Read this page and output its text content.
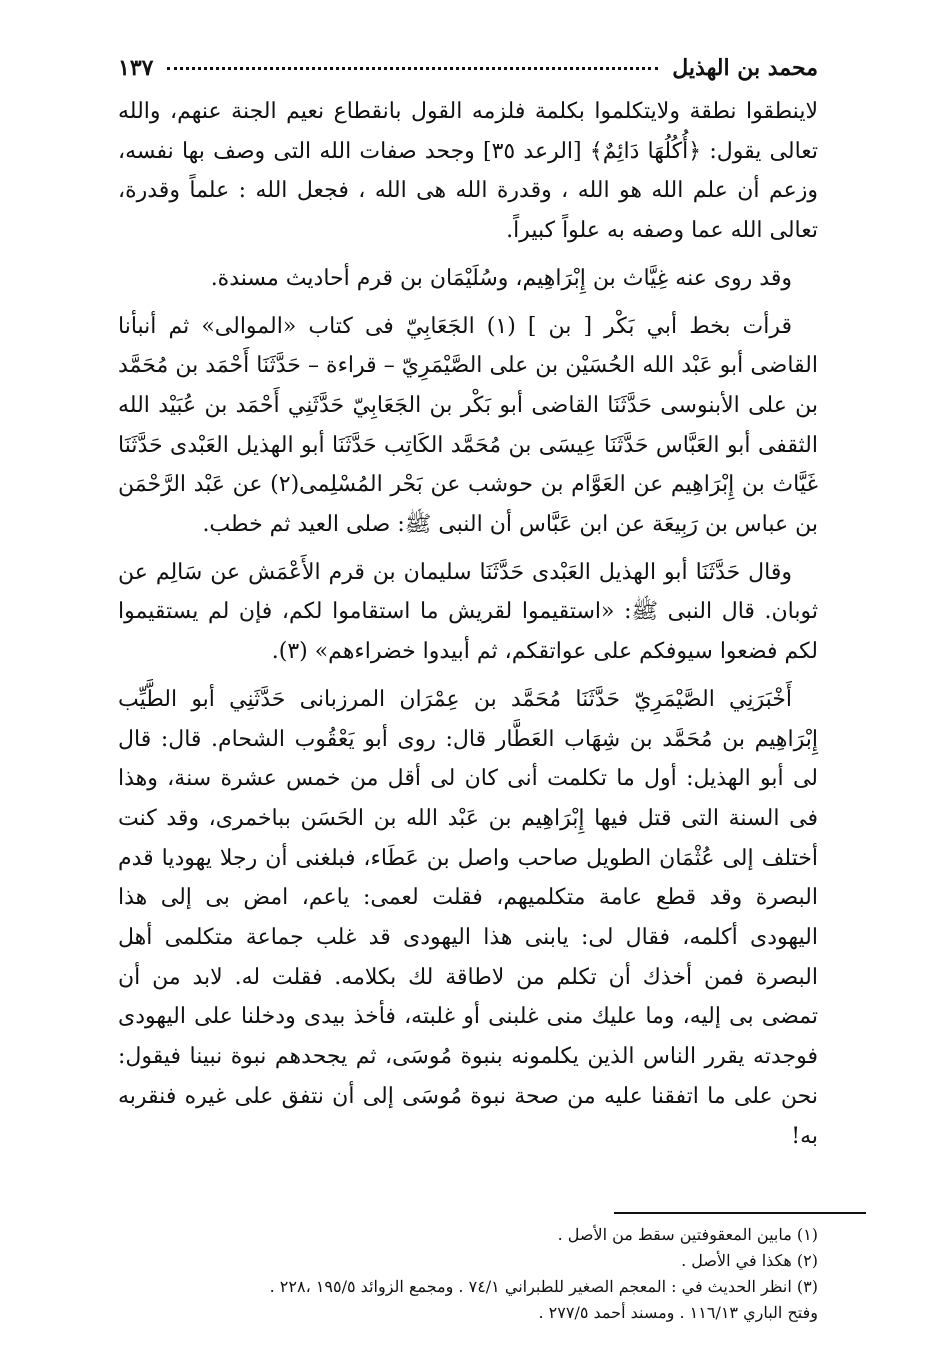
محمد بن الهذيل
١٣٧

لاينطقوا نطقة ولايتكلموا بكلمة فلزمه القول بانقطاع نعيم الجنة عنهم، والله تعالى يقول: ﴿أُكُلُهَا دَائِمٌ﴾ [الرعد ٣٥] وجحد صفات الله التى وصف بها نفسه، وزعم أن علم الله هو الله ، وقدرة الله هى الله ، فجعل الله : علماً وقدرة، تعالى الله عما وصفه به علواً كبيراً.

وقد روى عنه غِيَّاث بن إِبْرَاهِيم، وسُلَيْمَان بن قرم أحاديث مسندة.

قرأت بخط أبي بَكْر [ بن ] (١) الجَعَابِيّ فى كتاب «الموالى» ثم أنبأنا القاضى أبو عَبْد الله الحُسَيْن بن على الصَّيْمَرِيّ – قراءة – حَدَّثَنَا أَحْمَد بن مُحَمَّد بن على الأبنوسى حَدَّثَنَا القاضى أبو بَكْر بن الجَعَابِيّ حَدَّثَنِي أَحْمَد بن عُبَيْد الله الثقفى أبو العَبَّاس حَدَّثَنَا عِيسَى بن مُحَمَّد الكَاتِب حَدَّثَنَا أبو الهذيل العَبْدى حَدَّثَنَا غَيَّاث بن إِبْرَاهِيم عن العَوَّام بن حوشب عن بَحْر المُسْلِمى(٢) عن عَبْد الرَّحْمَن بن عباس بن رَبِيعَة عن ابن عَبَّاس أن النبى ﷺ: صلى العيد ثم خطب.

وقال حَدَّثَنَا أبو الهذيل العَبْدى حَدَّثَنَا سليمان بن قرم الأَعْمَش عن سَالِم عن ثوبان. قال النبى ﷺ: «استقيموا لقريش ما استقاموا لكم، فإن لم يستقيموا لكم فضعوا سيوفكم على عواتقكم، ثم أبيدوا خضراءهم» (٣).

أَخْبَرَنِي الصَّيْمَرِيّ حَدَّثَنَا مُحَمَّد بن عِمْرَان المرزبانى حَدَّثَنِي أبو الطَّيِّب إِبْرَاهِيم بن مُحَمَّد بن شِهَاب العَطَّار قال: روى أبو يَعْقُوب الشحام. قال: قال لى أبو الهذيل: أول ما تكلمت أنى كان لى أقل من خمس عشرة سنة، وهذا فى السنة التى قتل فيها إِبْرَاهِيم بن عَبْد الله بن الحَسَن بباخمرى، وقد كنت أختلف إلى عُثْمَان الطويل صاحب واصل بن عَطَاء، فبلغنى أن رجلا يهوديا قدم البصرة وقد قطع عامة متكلميهم، فقلت لعمى: ياعم، امض بى إلى هذا اليهودى أكلمه، فقال لى: يابنى هذا اليهودى قد غلب جماعة متكلمى أهل البصرة فمن أخذك أن تكلم من لاطاقة لك بكلامه. فقلت له. لابد من أن تمضى بى إليه، وما عليك منى غلبنى أو غلبته، فأخذ بيدى ودخلنا على اليهودى فوجدته يقرر الناس الذين يكلمونه بنبوة مُوسَى، ثم يجحدهم نبوة نبينا فيقول: نحن على ما اتفقنا عليه من صحة نبوة مُوسَى إلى أن نتفق على غيره فنقربه به!

(١) مابين المعقوفتين سقط من الأصل .
(٢) هكذا في الأصل .
(٣) انظر الحديث في : المعجم الصغير للطبراني ٧٤/١ . ومجمع الزوائد ١٩٥/٥ ،٢٢٨ .
وفتح الباري ١١٦/١٣ . ومسند أحمد ٢٧٧/٥ .
